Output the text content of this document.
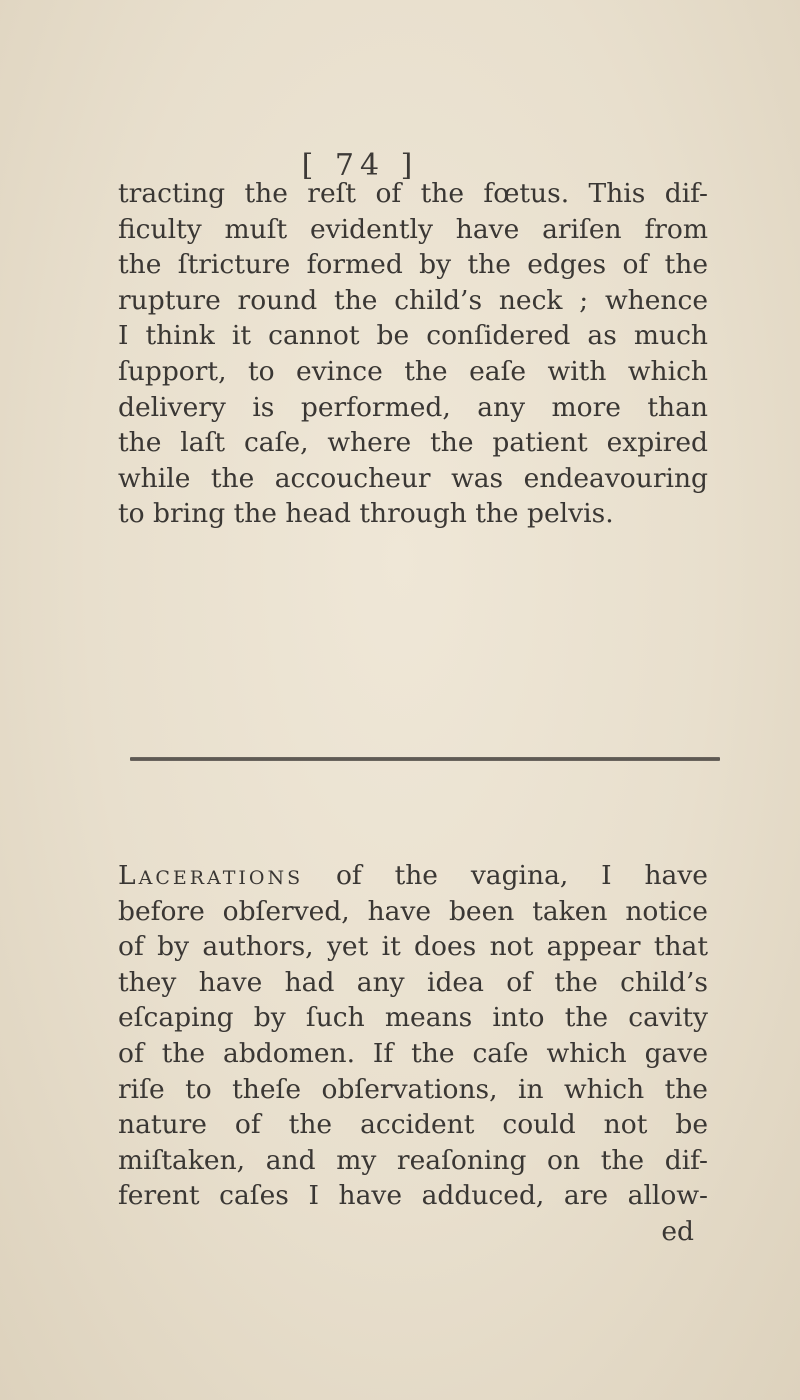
[ 74 ]
tracting the reſt of the fœtus. This dif-
ficulty muſt evidently have ariſen from
the ſtricture formed by the edges of the
rupture round the child’s neck ; whence
I think it cannot be conſidered as much
ſupport, to evince the eaſe with which
delivery is performed, any more than
the laſt caſe, where the patient expired
while the accoucheur was endeavouring
to bring the head through the pelvis.
Lacerations of the vagina, I have
before obſerved, have been taken notice
of by authors, yet it does not appear that
they have had any idea of the child’s
eſcaping by ſuch means into the cavity
of the abdomen. If the caſe which gave
riſe to theſe obſervations, in which the
nature of the accident could not be
miſtaken, and my reaſoning on the dif-
ferent caſes I have adduced, are allow-
ed
